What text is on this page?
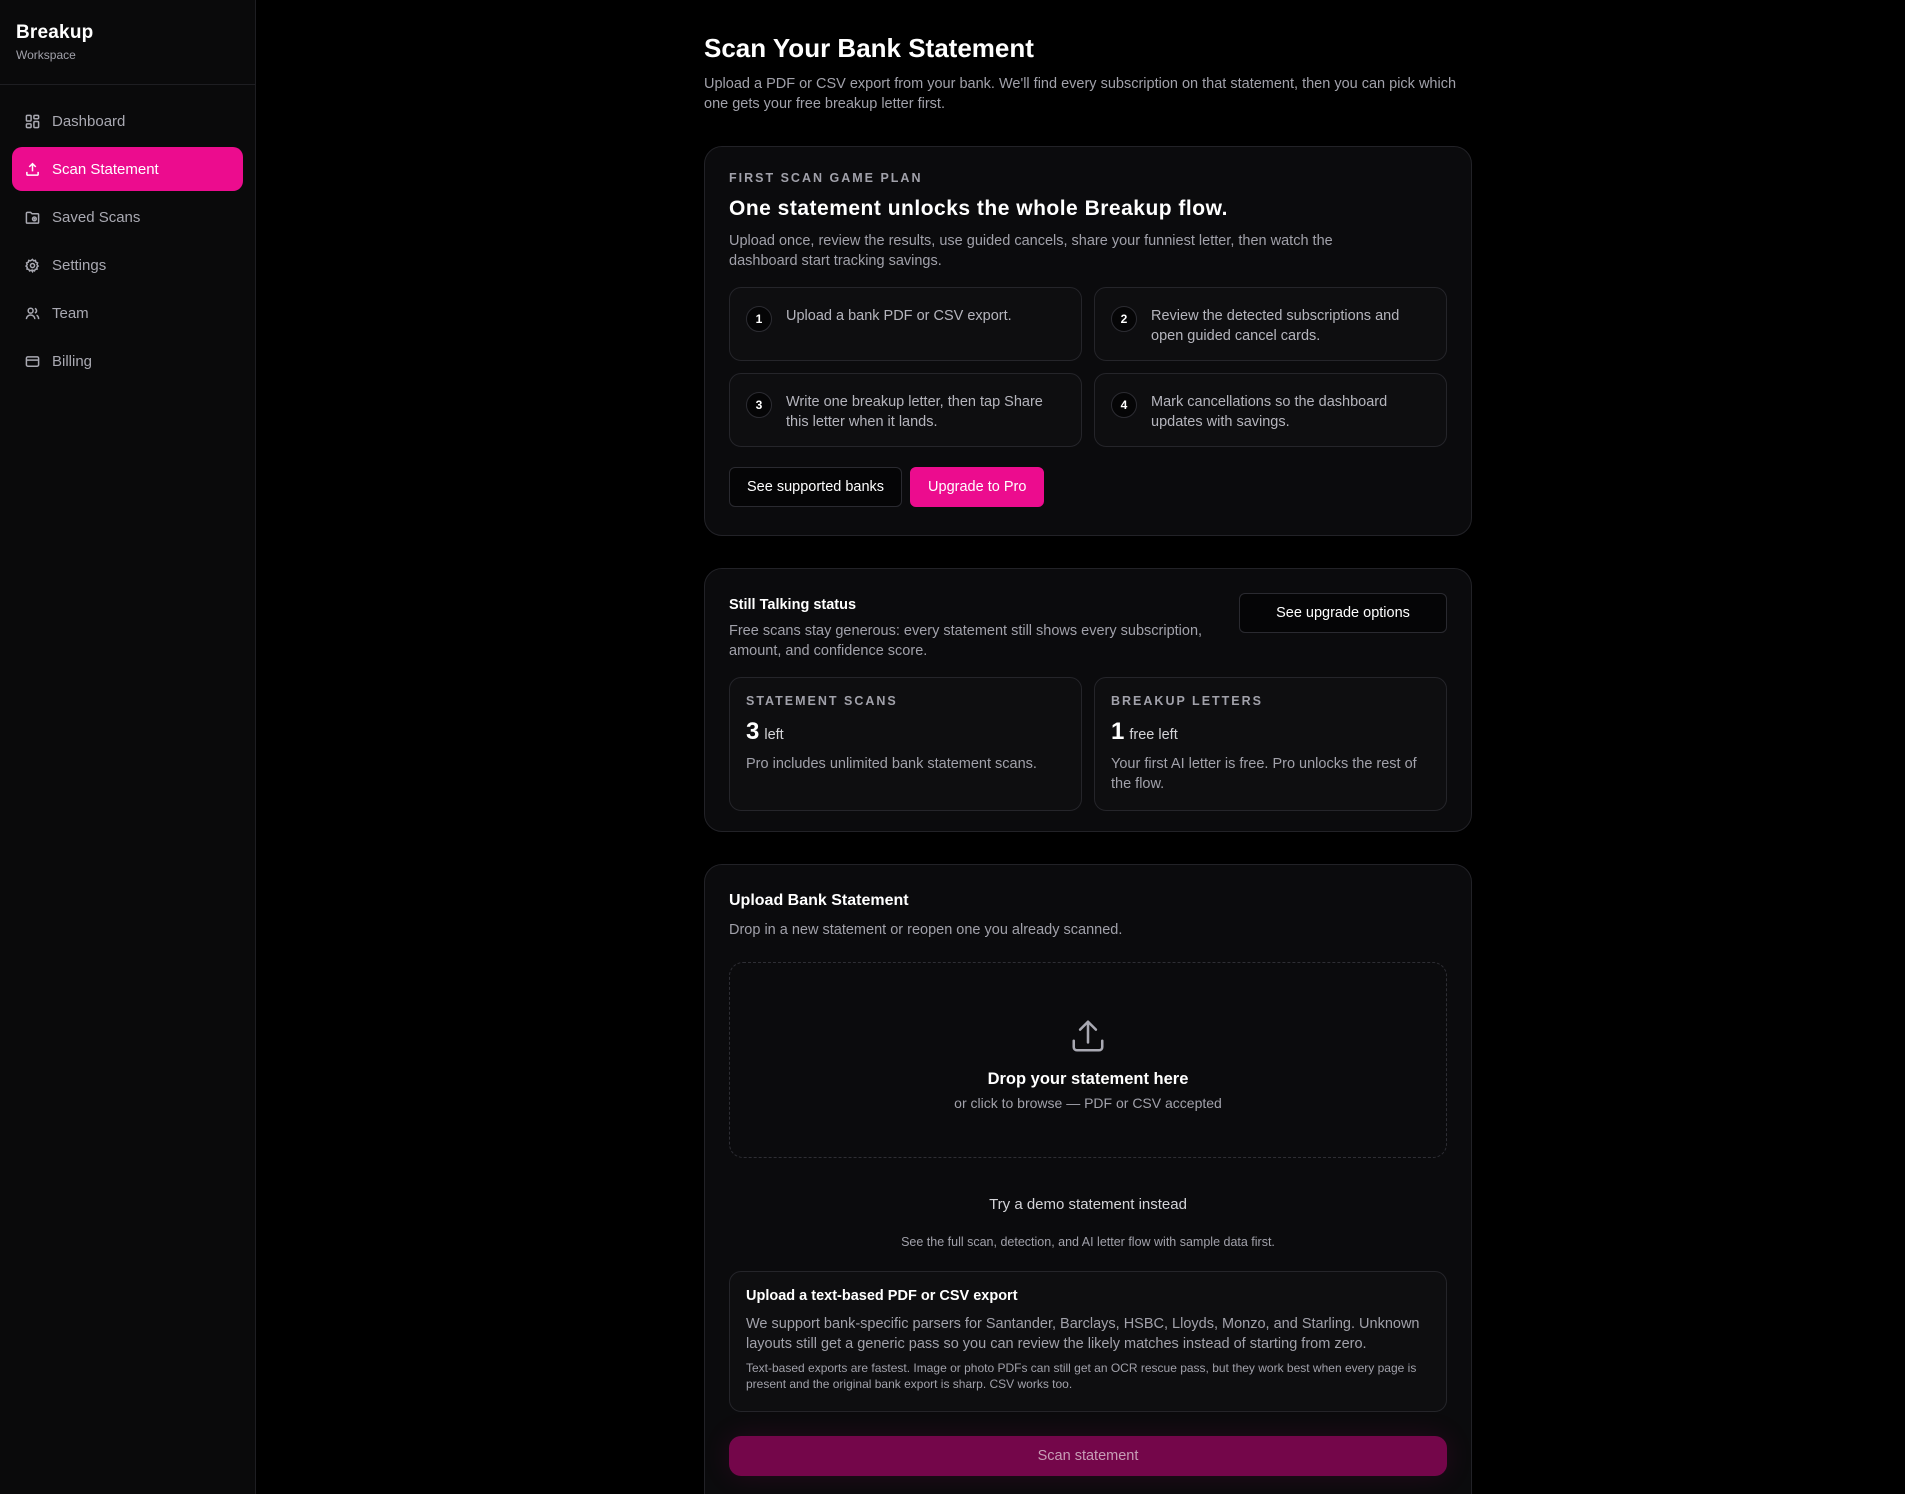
Breakup
Workspace
Dashboard
Scan Statement
Saved Scans
Settings
Team
Billing
Scan Your Bank Statement

Upload a PDF or CSV export from your bank. We'll find every subscription on that statement, then you can pick which one gets your free breakup letter first.

FIRST SCAN GAME PLAN
One statement unlocks the whole Breakup flow.

Upload once, review the results, use guided cancels, share your funniest letter, then watch the dashboard start tracking savings.

1	Upload a bank PDF or CSV export.	2	Review the detected subscriptions and open guided cancel cards.
3	Write one breakup letter, then tap Share this letter when it lands.
4	Mark cancellations so the dashboard updates with savings.
See supported banks	Upgrade to Pro
Still Talking status

Free scans stay generous: every statement still shows every subscription, amount, and confidence score.

See upgrade options
STATEMENT SCANS
3 left

Pro includes unlimited bank statement scans.

BREAKUP LETTERS
1 free left

Your first AI letter is free. Pro unlocks the rest of the flow.

Upload Bank Statement

Drop in a new statement or reopen one you already scanned.

Drop your statement here
or click to browse — PDF or CSV accepted
Try a demo statement instead
See the full scan, detection, and AI letter flow with sample data first.
Upload a text-based PDF or CSV export

We support bank-specific parsers for Santander, Barclays, HSBC, Lloyds, Monzo, and Starling. Unknown layouts still get a generic pass so you can review the likely matches instead of starting from zero.

Text-based exports are fastest. Image or photo PDFs can still get an OCR rescue pass, but they work best when every page is present and the original bank export is sharp. CSV works too.

Scan statement
